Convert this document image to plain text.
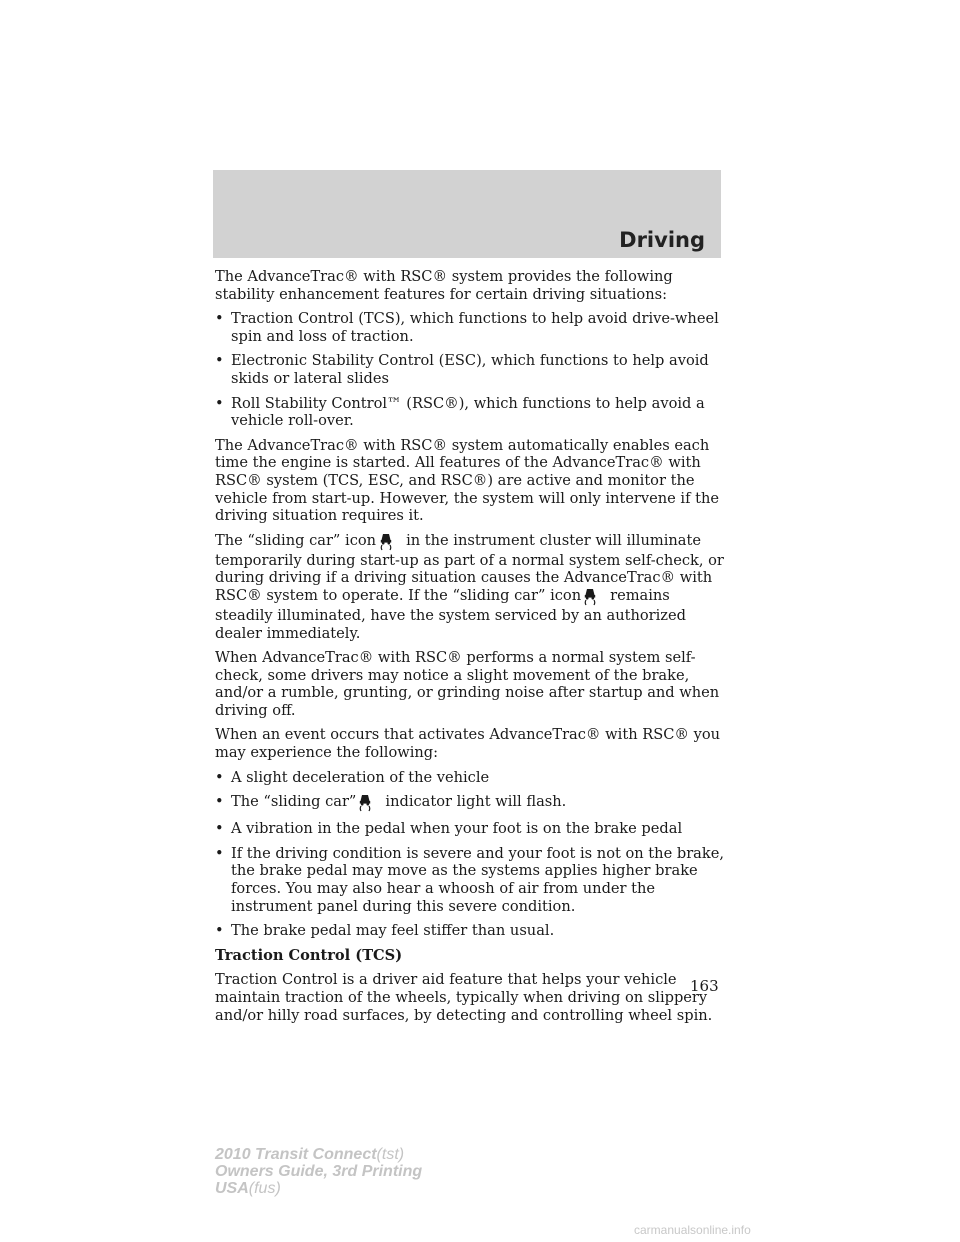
Driving

The AdvanceTrac® with RSC® system provides the following stability enhancement features for certain driving situations:

• Traction Control (TCS), which functions to help avoid drive-wheel spin and loss of traction.
• Electronic Stability Control (ESC), which functions to help avoid skids or lateral slides
• Roll Stability Control™ (RSC®), which functions to help avoid a vehicle roll-over.

The AdvanceTrac® with RSC® system automatically enables each time the engine is started. All features of the AdvanceTrac® with RSC® system (TCS, ESC, and RSC®) are active and monitor the vehicle from start-up. However, the system will only intervene if the driving situation requires it.

The “sliding car” icon in the instrument cluster will illuminate temporarily during start-up as part of a normal system self-check, or during driving if a driving situation causes the AdvanceTrac® with RSC® system to operate. If the “sliding car” icon remains steadily illuminated, have the system serviced by an authorized dealer immediately.

When AdvanceTrac® with RSC® performs a normal system self-check, some drivers may notice a slight movement of the brake, and/or a rumble, grunting, or grinding noise after startup and when driving off.

When an event occurs that activates AdvanceTrac® with RSC® you may experience the following:

• A slight deceleration of the vehicle
• The “sliding car” indicator light will flash.
• A vibration in the pedal when your foot is on the brake pedal
• If the driving condition is severe and your foot is not on the brake, the brake pedal may move as the systems applies higher brake forces. You may also hear a whoosh of air from under the instrument panel during this severe condition.
• The brake pedal may feel stiffer than usual.
Traction Control (TCS)

Traction Control is a driver aid feature that helps your vehicle maintain traction of the wheels, typically when driving on slippery and/or hilly road surfaces, by detecting and controlling wheel spin.

163
2010 Transit Connect(tst)
Owners Guide, 3rd Printing
USA(fus)
carmanualsonline.info
